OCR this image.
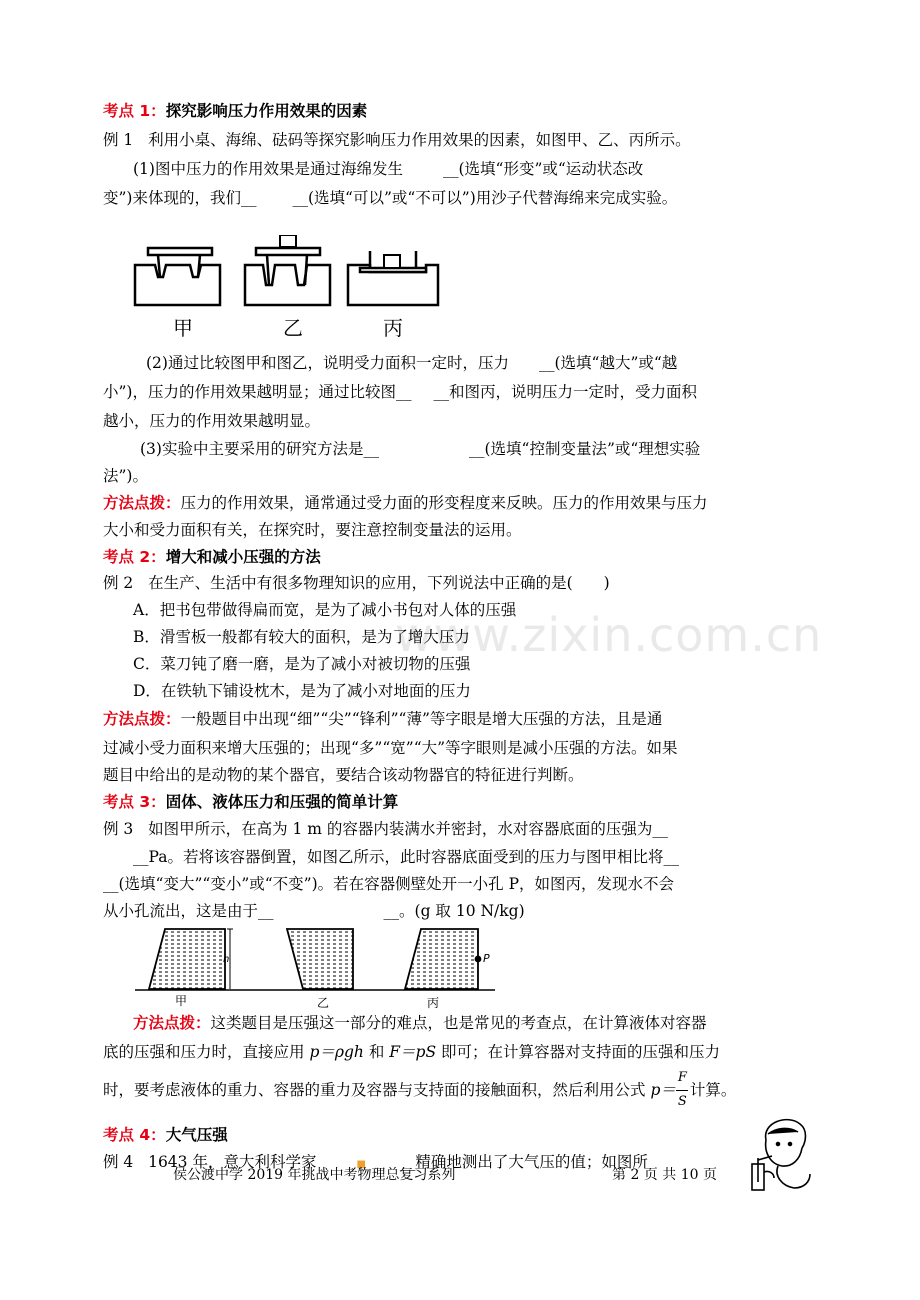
www.zixin.com.cn
考点 1：探究影响压力作用效果的因素
例 1 利用小桌、海绵、砝码等探究影响压力作用效果的因素，如图甲、乙、丙所示。
(1)图中压力的作用效果是通过海绵发生	__(选填“形变”或“运动状态改
变”)来体现的，我们__ __(选填“可以”或“不可以”)用沙子代替海绵来完成实验。
甲	乙	丙
(2)通过比较图甲和图乙，说明受力面积一定时，压力 __(选填“越大”或“越
小”)，压力的作用效果越明显；通过比较图__ __和图丙，说明压力一定时，受力面积
越小，压力的作用效果越明显。
(3)实验中主要采用的研究方法是__	__(选填“控制变量法”或“理想实验
法”)。
方法点拨：压力的作用效果，通常通过受力面的形变程度来反映。压力的作用效果与压力
大小和受力面积有关，在探究时，要注意控制变量法的运用。
考点 2：增大和减小压强的方法
例 2 在生产、生活中有很多物理知识的应用，下列说法中正确的是(　　)
A．把书包带做得扁而宽，是为了减小书包对人体的压强
B．滑雪板一般都有较大的面积，是为了增大压力
C．菜刀钝了磨一磨，是为了减小对被切物的压强
D．在铁轨下铺设枕木，是为了减小对地面的压力
方法点拨：一般题目中出现“细”“尖”“锋利”“薄”等字眼是增大压强的方法，且是通
过减小受力面积来增大压强的；出现“多”“宽”“大”等字眼则是减小压强的方法。如果
题目中给出的是动物的某个器官，要结合该动物器官的特征进行判断。
考点 3：固体、液体压力和压强的简单计算
例 3 如图甲所示，在高为 1 m 的容器内装满水并密封，水对容器底面的压强为__
__Pa。若将该容器倒置，如图乙所示，此时容器底面受到的压力与图甲相比将__
__(选填“变大”“变小”或“不变”)。若在容器侧壁处开一小孔 P，如图丙，发现水不会
从小孔流出，这是由于__	__。(g 取 10 N/kg)
h	P
甲	乙	丙
方法点拨：这类题目是压强这一部分的难点，也是常见的考查点，在计算液体对容器
底的压强和压力时，直接应用 p＝ρgh 和 F＝pS 即可；在计算容器对支持面的压强和压力
时，要考虑液体的重力、容器的重力及容器与支持面的接触面积，然后利用公式 p＝
F
S
计算。
考点 4：大气压强
例 4 1643 年，意大利科学家	■ __精确地测出了大气压的值；如图所
侯公渡中学 2019 年挑战中考物理总复习系列	第 2 页 共 10 页
